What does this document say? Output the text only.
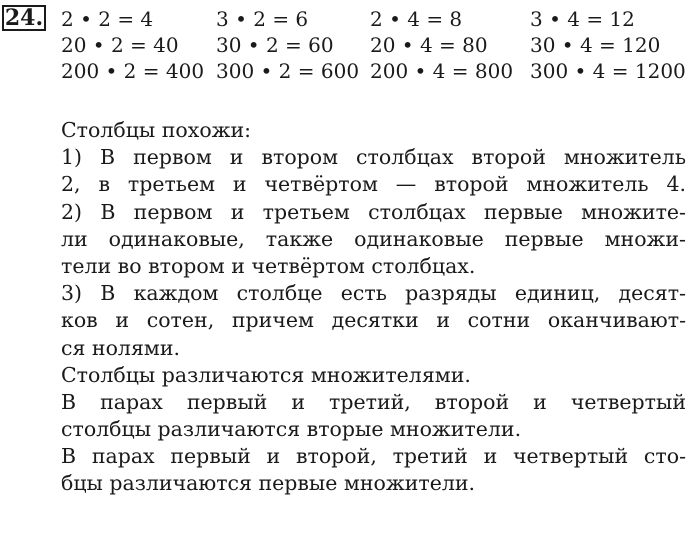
24. 2 • 2 = 4	3 • 2 = 6	2 • 4 = 8	3 • 4 = 12
20 • 2 = 40	30 • 2 = 60	20 • 4 = 80	30 • 4 = 120
200 • 2 = 400 300 • 2 = 600 200 • 4 = 800 300 • 4 = 1200
Столбцы похожи:
1) В первом и втором столбцах второй множитель
2, в третьем и четвёртом — второй множитель 4.
2) В первом и третьем столбцах первые множите-
ли одинаковые, также одинаковые первые множи-
тели во втором и четвёртом столбцах.
3) В каждом столбце есть разряды единиц, десят-
ков и сотен, причем десятки и сотни оканчивают-
ся нолями.
Столбцы различаются множителями.
В парах первый и третий, второй и четвертый
столбцы различаются вторые множители.
В парах первый и второй, третий и четвертый сто-
бцы различаются первые множители.
